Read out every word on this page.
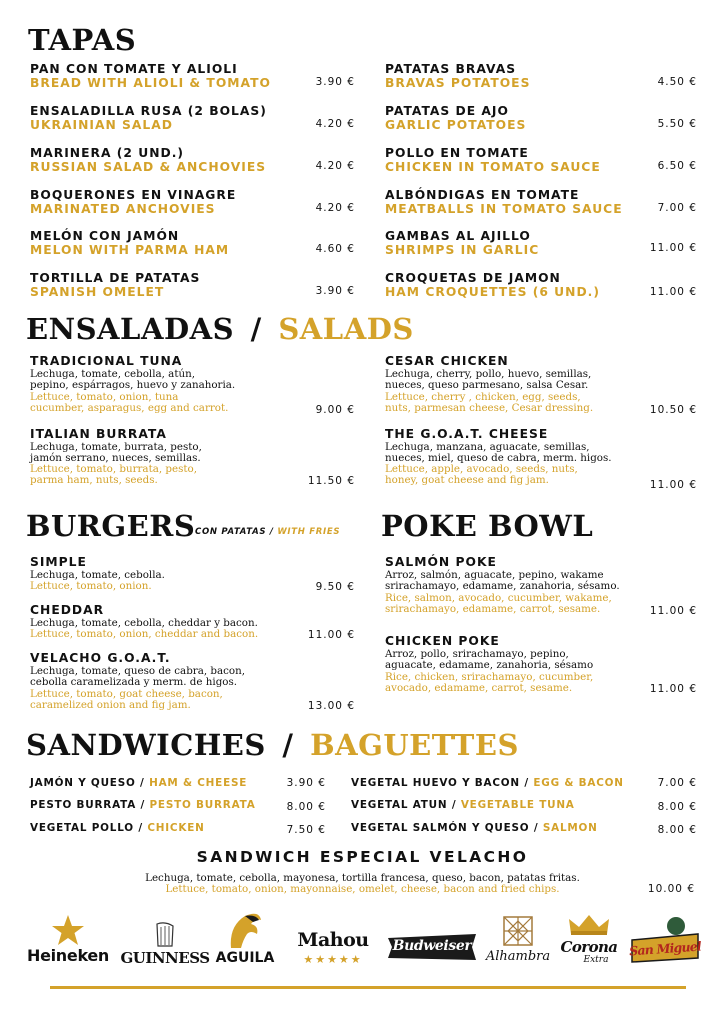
TAPAS
PAN CON TOMATE Y ALIOLI
BREAD WITH ALIOLI & TOMATO	3.90 €
ENSALADILLA RUSA (2 BOLAS)
UKRAINIAN SALAD	4.20 €
MARINERA (2 UND.)
RUSSIAN SALAD & ANCHOVIES	4.20 €
BOQUERONES EN VINAGRE
MARINATED ANCHOVIES	4.20 €
MELÓN CON JAMÓN
MELON WITH PARMA HAM	4.60 €
TORTILLA DE PATATAS
SPANISH OMELET	3.90 €
PATATAS BRAVAS
BRAVAS POTATOES	4.50 €
PATATAS DE AJO
GARLIC POTATOES	5.50 €
POLLO EN TOMATE
CHICKEN IN TOMATO SAUCE	6.50 €
ALBÓNDIGAS EN TOMATE
MEATBALLS IN TOMATO SAUCE	7.00 €
GAMBAS AL AJILLO
SHRIMPS IN GARLIC	11.00 €
CROQUETAS DE JAMON
HAM CROQUETTES (6 UND.)	11.00 €
ENSALADAS / SALADS
TRADICIONAL TUNA
Lechuga, tomate, cebolla, atún,
pepino, espárragos, huevo y zanahoria.
Lettuce, tomato, onion, tuna
cucumber, asparagus, egg and carrot.	9.00 €
ITALIAN BURRATA
Lechuga, tomate, burrata, pesto,
jamón serrano, nueces, semillas.
Lettuce, tomato, burrata, pesto,
parma ham, nuts, seeds.	11.50 €
CESAR CHICKEN
Lechuga, cherry, pollo, huevo, semillas,
nueces, queso parmesano, salsa Cesar.
Lettuce, cherry , chicken, egg, seeds,
nuts, parmesan cheese, Cesar dressing.	10.50 €
THE G.O.A.T. CHEESE
Lechuga, manzana, aguacate, semillas,
nueces, miel, queso de cabra, merm. higos.
Lettuce, apple, avocado, seeds, nuts,
honey, goat cheese and fig jam.	11.00 €
BURGERS CON PATATAS / WITH FRIES
SIMPLE
Lechuga, tomate, cebolla.
Lettuce, tomato, onion.	9.50 €
CHEDDAR
Lechuga, tomate, cebolla, cheddar y bacon.
Lettuce, tomato, onion, cheddar and bacon.	11.00 €
VELACHO G.O.A.T.
Lechuga, tomate, queso de cabra, bacon,
cebolla caramelizada y merm. de higos.
Lettuce, tomato, goat cheese, bacon,
caramelized onion and fig jam.	13.00 €
POKE BOWL
SALMÓN POKE
Arroz, salmón, aguacate, pepino, wakame
srirachamayo, edamame, zanahoria, sésamo.
Rice, salmon, avocado, cucumber, wakame,
srirachamayo, edamame, carrot, sesame.	11.00 €
CHICKEN POKE
Arroz, pollo, srirachamayo, pepino,
aguacate, edamame, zanahoria, sésamo
Rice, chicken, srirachamayo, cucumber,
avocado, edamame, carrot, sesame.	11.00 €
SANDWICHES / BAGUETTES
JAMÓN Y QUESO / HAM & CHEESE	3.90 €
PESTO BURRATA / PESTO BURRATA	8.00 €
VEGETAL POLLO / CHICKEN	7.50 €
VEGETAL HUEVO Y BACON / EGG & BACON	7.00 €
VEGETAL ATUN / VEGETABLE TUNA	8.00 €
VEGETAL SALMÓN Y QUESO / SALMON	8.00 €
SANDWICH ESPECIAL VELACHO
Lechuga, tomate, cebolla, mayonesa, tortilla francesa, queso, bacon, patatas fritas.
Lettuce, tomato, onion, mayonnaise, omelet, cheese, bacon and fried chips.	10.00 €
Heineken GUINNESS AGUILA
Mahou
★★★★★
Budweiser
Alhambra
Corona
Extra
San Miguel
